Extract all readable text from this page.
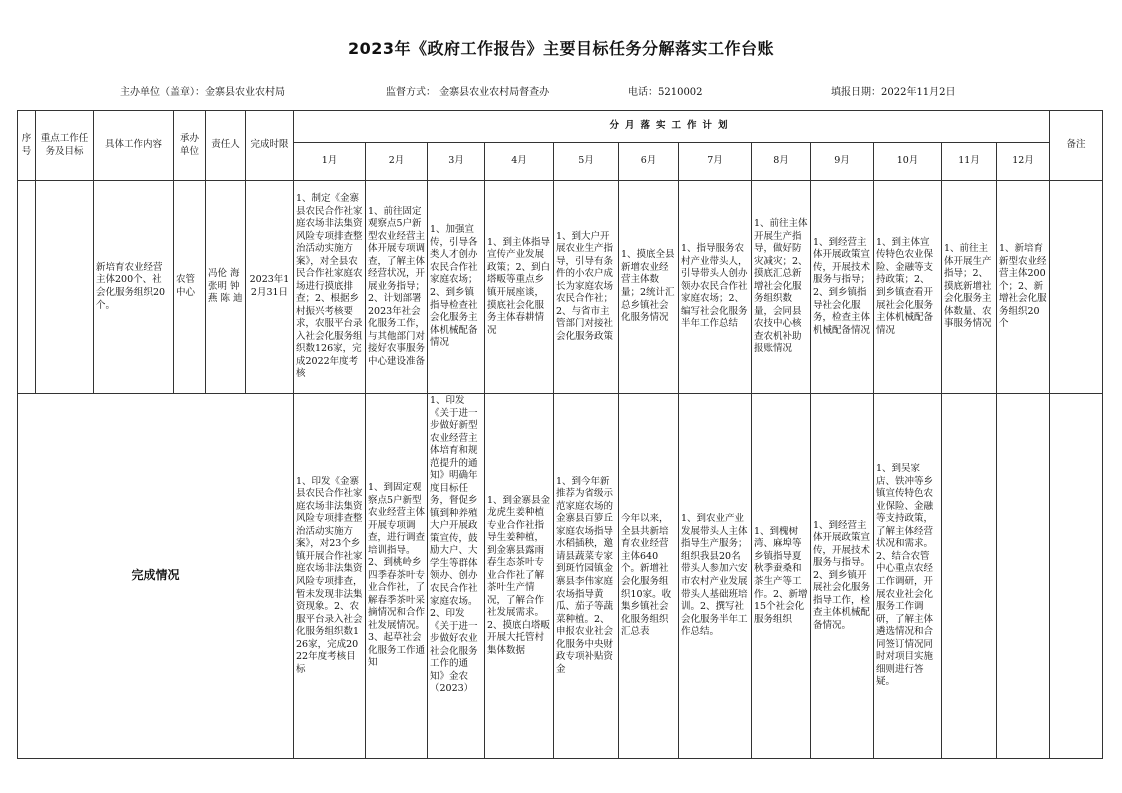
2023年《政府工作报告》主要目标任务分解落实工作台账
主办单位（盖章）：金寨县农业农村局	监督方式： 金寨县农业农村局督查办	电话：5210002	填报日期：2022年11月2日
序号	重点工作任务及目标	具体工作内容	承办单位	责任人	完成时限	分月落实工作计划												备注
						1月	2月	3月	4月	5月	6月	7月	8月	9月	10月	11月	12月	
		新培育农业经营主体200个、社会化服务组织20个。	农管中心	冯伦 海 张明 钟 燕 陈 迪	2023年12月31日	1、制定《金寨县农民合作社家庭农场非法集资风险专项排查整治活动实施方案》，对全县农民合作社家庭农场进行摸底排查；2、根据乡村振兴考核要求，农服平台录入社会化服务组织数126家，完成2022年度考核	1、前往固定观察点5户新型农业经营主体开展专项调查，了解主体经营状况，开展业务指导；2、计划部署2023年社会化服务工作，与其他部门对接好农事服务中心建设准备	1、加强宣传，引导各类人才创办农民合作社家庭农场；2、到乡镇指导检查社会化服务主体机械配备情况	1、到主体指导宣传产业发展政策；2、到白塔畈等重点乡镇开展座谈，摸底社会化服务主体春耕情况	1、到大户开展农业生产指导，引导有条件的小农户成长为家庭农场农民合作社；2、与省市主管部门对接社会化服务政策	1、摸底全县新增农业经营主体数量；2统计汇总乡镇社会化服务情况	1、指导服务农村产业带头人，引导带头人创办领办农民合作社家庭农场；2、编写社会化服务半年工作总结	1、前往主体开展生产指导，做好防灾减灾；2、摸底汇总新增社会化服务组织数量，会同县农技中心核查农机补助报账情况	1、到经营主体开展政策宣传，开展技术服务与指导；2、到乡镇指导社会化服务，检查主体机械配备情况	1、到主体宣传特色农业保险、金融等支持政策；2、到乡镇查看开展社会化服务主体机械配备情况	1、前往主体开展生产指导；2、摸底新增社会化服务主体数量、农事服务情况	1、新培育新型农业经营主体200个；2、新增社会化服务组织20个	
完成情况						1、印发《金寨县农民合作社家庭农场非法集资风险专项排查整治活动实施方案》，对23个乡镇开展合作社家庭农场非法集资风险专项排查，暂未发现非法集资现象。2、农服平台录入社会化服务组织数126家，完成2022年度考核目标	1、到固定观察点5户新型农业经营主体开展专项调查，进行调查培训指导。2、到桃岭乡四季春茶叶专业合作社，了解春季茶叶采摘情况和合作社发展情况。3、起草社会化服务工作通知	1、印发《关于进一步做好新型农业经营主体培育和规范提升的通知》明确年度目标任务，督促乡镇到种养殖大户开展政策宣传，鼓励大户、大学生等群体领办、创办农民合作社家庭农场。2、印发《关于进一步做好农业社会化服务工作的通知》金农（2023）	1、到金寨县金龙虎生姜种植专业合作社指导生姜种植，到金寨县露雨春生态茶叶专业合作社了解茶叶生产情况，了解合作社发展需求。2、摸底白塔畈开展大托管村集体数据	1、到今年新推荐为省级示范家庭农场的金寨县百箩丘家庭农场指导水稻插秧，邀请县蔬菜专家到斑竹园镇金寨县李伟家庭农场指导黄瓜、茄子等蔬菜种植。2、申报农业社会化服务中央财政专项补贴资金	今年以来，全县共新培育农业经营主体640个。新增社会化服务组织10家。收集乡镇社会化服务组织汇总表	1、到农业产业发展带头人主体指导生产服务；组织我县20名带头人参加六安市农村产业发展带头人基础班培训。2、撰写社会化服务半年工作总结。	1、到槐树湾、麻埠等乡镇指导夏秋季蚕桑和茶生产等工作。2、新增15个社会化服务组织	1、到经营主体开展政策宣传，开展技术服务与指导。2、到乡镇开展社会化服务指导工作，检查主体机械配备情况。	1、到吴家店、铁冲等乡镇宣传特色农业保险、金融等支持政策，了解主体经营状况和需求。2、结合农管中心重点农经工作调研，开展农业社会化服务工作调研，了解主体遴选情况和合同签订情况同时对项目实施细则进行答疑。			
